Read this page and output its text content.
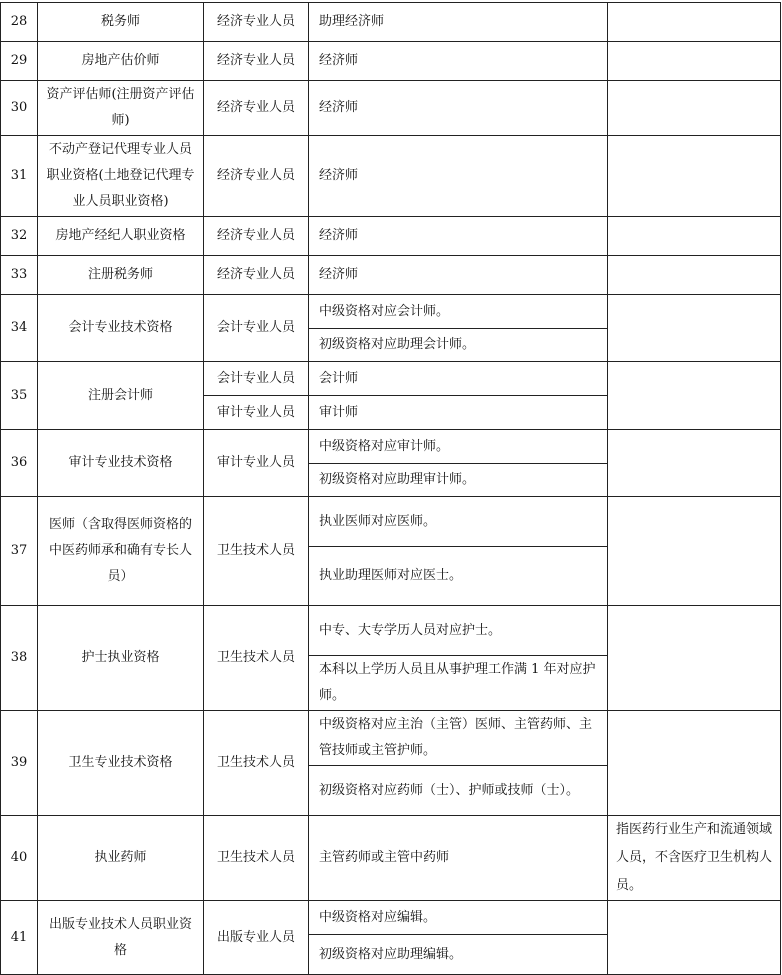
28	税务师	经济专业人员	助理经济师	
29	房地产估价师	经济专业人员	经济师	
30	资产评估师(注册资产评估师)	经济专业人员	经济师	
31	不动产登记代理专业人员职业资格(土地登记代理专业人员职业资格)	经济专业人员	经济师	
32	房地产经纪人职业资格	经济专业人员	经济师	
33	注册税务师	经济专业人员	经济师	
34	会计专业技术资格	会计专业人员	中级资格对应会计师。	
			初级资格对应助理会计师。	
35	注册会计师	会计专业人员	会计师	
		审计专业人员	审计师	
36	审计专业技术资格	审计专业人员	中级资格对应审计师。	
			初级资格对应助理审计师。	
37	医师（含取得医师资格的中医药师承和确有专长人员）	卫生技术人员	执业医师对应医师。	
			执业助理医师对应医士。	
38	护士执业资格	卫生技术人员	中专、大专学历人员对应护士。	
			本科以上学历人员且从事护理工作满 1 年对应护师。	
39	卫生专业技术资格	卫生技术人员	中级资格对应主治（主管）医师、主管药师、主管技师或主管护师。	
			初级资格对应药师（士）、护师或技师（士）。	
40	执业药师	卫生技术人员	主管药师或主管中药师	指医药行业生产和流通领域人员，不含医疗卫生机构人员。
41	出版专业技术人员职业资格	出版专业人员	中级资格对应编辑。	
			初级资格对应助理编辑。	
